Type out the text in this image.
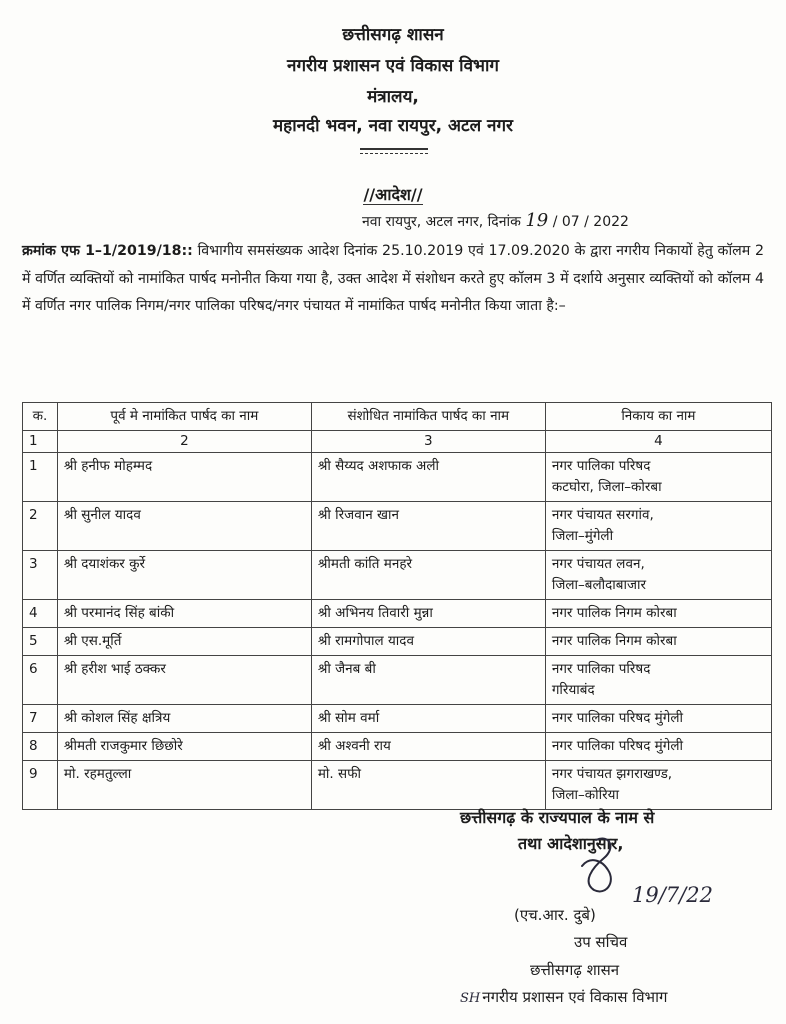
छत्तीसगढ़ शासन
नगरीय प्रशासन एवं विकास विभाग
मंत्रालय,
महानदी भवन, नवा रायपुर, अटल नगर
//आदेश//
नवा रायपुर, अटल नगर, दिनांक 19 / 07 / 2022
क्रमांक एफ 1–1/2019/18:: विभागीय समसंख्यक आदेश दिनांक 25.10.2019 एवं 17.09.2020 के द्वारा नगरीय निकायों हेतु कॉलम 2 में वर्णित व्यक्तियों को नामांकित पार्षद मनोनीत किया गया है, उक्त आदेश में संशोधन करते हुए कॉलम 3 में दर्शाये अनुसार व्यक्तियों को कॉलम 4 में वर्णित नगर पालिक निगम/नगर पालिका परिषद/नगर पंचायत में नामांकित पार्षद मनोनीत किया जाता है:–
क.	पूर्व मे नामांकित पार्षद का नाम	संशोधित नामांकित पार्षद का नाम	निकाय का नाम
1	2	3	4
1	श्री हनीफ मोहम्मद	श्री सैय्यद अशफाक अली	नगर पालिका परिषद
कटघोरा, जिला–कोरबा

2	श्री सुनील यादव	श्री रिजवान खान	नगर पंचायत सरगांव,
जिला–मुंगेली

3	श्री दयाशंकर कुर्रे	श्रीमती कांति मनहरे	नगर पंचायत लवन,
जिला–बलौदाबाजार

4	श्री परमानंद सिंह बांकी	श्री अभिनय तिवारी मुन्ना	नगर पालिक निगम कोरबा
5	श्री एस.मूर्ति	श्री रामगोपाल यादव	नगर पालिक निगम कोरबा
6	श्री हरीश भाई ठक्कर	श्री जैनब बी	नगर पालिका परिषद
गरियाबंद

7	श्री कोशल सिंह क्षत्रिय	श्री सोम वर्मा	नगर पालिका परिषद मुंगेली
8	श्रीमती राजकुमार छिछोरे	श्री अश्वनी राय	नगर पालिका परिषद मुंगेली
9	मो. रहमतुल्ला	मो. सफी	नगर पंचायत झगराखण्ड,
जिला–कोरिया
छत्तीसगढ़ के राज्यपाल के नाम से
तथा आदेशानुसार,
(एच.आर. दुबे)
19/7/22
उप सचिव
छत्तीसगढ़ शासन
SH नगरीय प्रशासन एवं विकास विभाग
